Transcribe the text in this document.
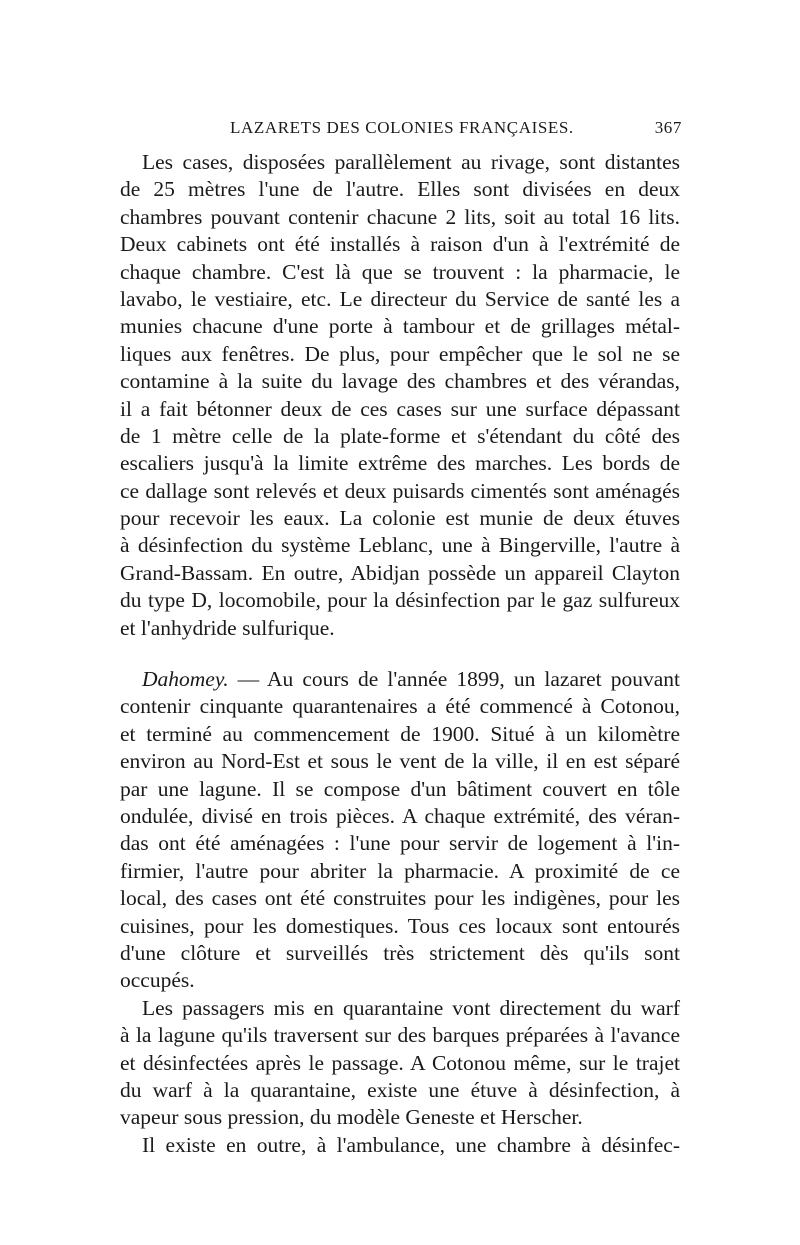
LAZARETS DES COLONIES FRANÇAISES.	367
Les cases, disposées parallèlement au rivage, sont distantes
de 25 mètres l'une de l'autre. Elles sont divisées en deux
chambres pouvant contenir chacune 2 lits, soit au total 16 lits.
Deux cabinets ont été installés à raison d'un à l'extrémité de
chaque chambre. C'est là que se trouvent : la pharmacie, le
lavabo, le vestiaire, etc. Le directeur du Service de santé les a
munies chacune d'une porte à tambour et de grillages métal-
liques aux fenêtres. De plus, pour empêcher que le sol ne se
contamine à la suite du lavage des chambres et des vérandas,
il a fait bétonner deux de ces cases sur une surface dépassant
de 1 mètre celle de la plate-forme et s'étendant du côté des
escaliers jusqu'à la limite extrême des marches. Les bords de
ce dallage sont relevés et deux puisards cimentés sont aménagés
pour recevoir les eaux. La colonie est munie de deux étuves
à désinfection du système Leblanc, une à Bingerville, l'autre à
Grand-Bassam. En outre, Abidjan possède un appareil Clayton
du type D, locomobile, pour la désinfection par le gaz sulfureux
et l'anhydride sulfurique.
Dahomey. — Au cours de l'année 1899, un lazaret pouvant
contenir cinquante quarantenaires a été commencé à Cotonou,
et terminé au commencement de 1900. Situé à un kilomètre
environ au Nord-Est et sous le vent de la ville, il en est séparé
par une lagune. Il se compose d'un bâtiment couvert en tôle
ondulée, divisé en trois pièces. A chaque extrémité, des véran-
das ont été aménagées : l'une pour servir de logement à l'in-
firmier, l'autre pour abriter la pharmacie. A proximité de ce
local, des cases ont été construites pour les indigènes, pour les
cuisines, pour les domestiques. Tous ces locaux sont entourés
d'une clôture et surveillés très strictement dès qu'ils sont
occupés.
Les passagers mis en quarantaine vont directement du warf
à la lagune qu'ils traversent sur des barques préparées à l'avance
et désinfectées après le passage. A Cotonou même, sur le trajet
du warf à la quarantaine, existe une étuve à désinfection, à
vapeur sous pression, du modèle Geneste et Herscher.
Il existe en outre, à l'ambulance, une chambre à désinfec-
